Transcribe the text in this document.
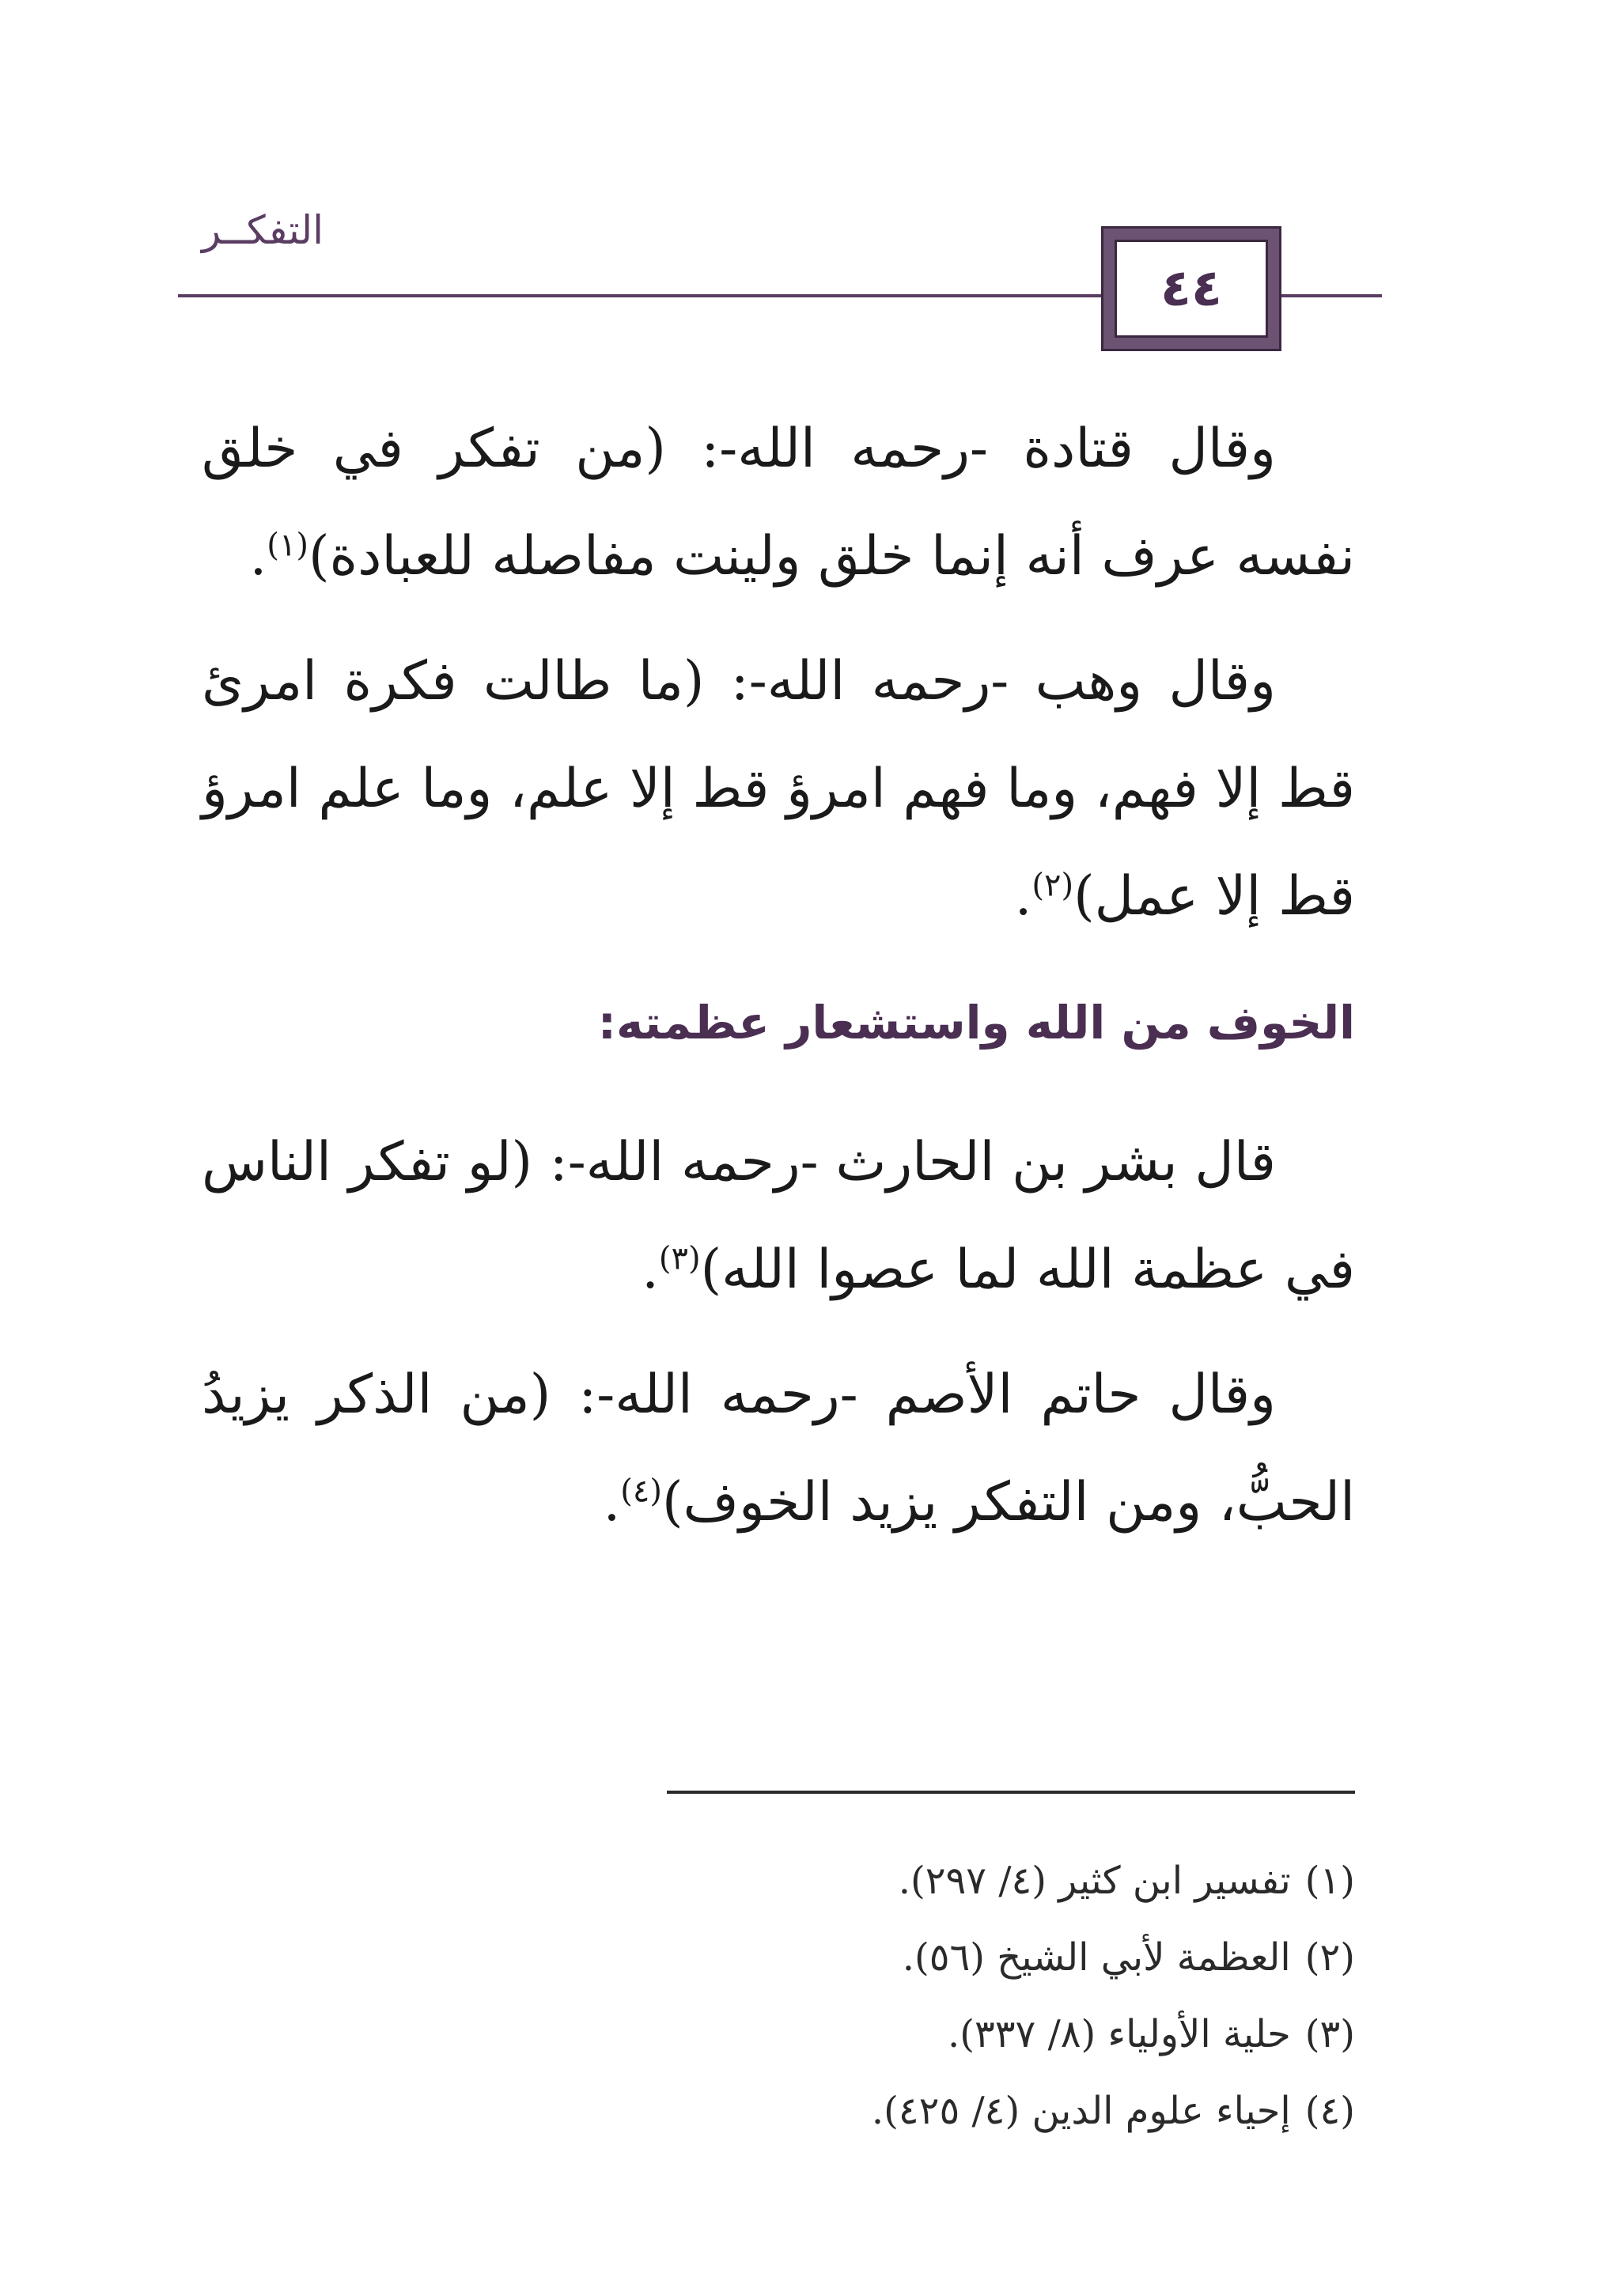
٤٤
التفكــر

وقال قتادة -رحمه الله-: (من تفكر في خلق نفسه عرف أنه إنما خلق ولينت مفاصله للعبادة)$^{(١)}$.

وقال وهب -رحمه الله-: (ما طالت فكرة امرئ قط إلا فهم، وما فهم امرؤ قط إلا علم، وما علم امرؤ قط إلا عمل)$^{(٢)}$.

الخوف من الله واستشعار عظمته:

قال بشر بن الحارث -رحمه الله-: (لو تفكر الناس في عظمة الله لما عصوا الله)$^{(٣)}$.

وقال حاتم الأصم -رحمه الله-: (من الذكر يزيدُ الحبُّ، ومن التفكر يزيد الخوف)$^{(٤)}$.

(١)تفسير ابن كثير (٤/ ٢٩٧).
(٢)العظمة لأبي الشيخ (٥٦).
(٣)حلية الأولياء (٨/ ٣٣٧).
(٤)إحياء علوم الدين (٤/ ٤٢٥).
